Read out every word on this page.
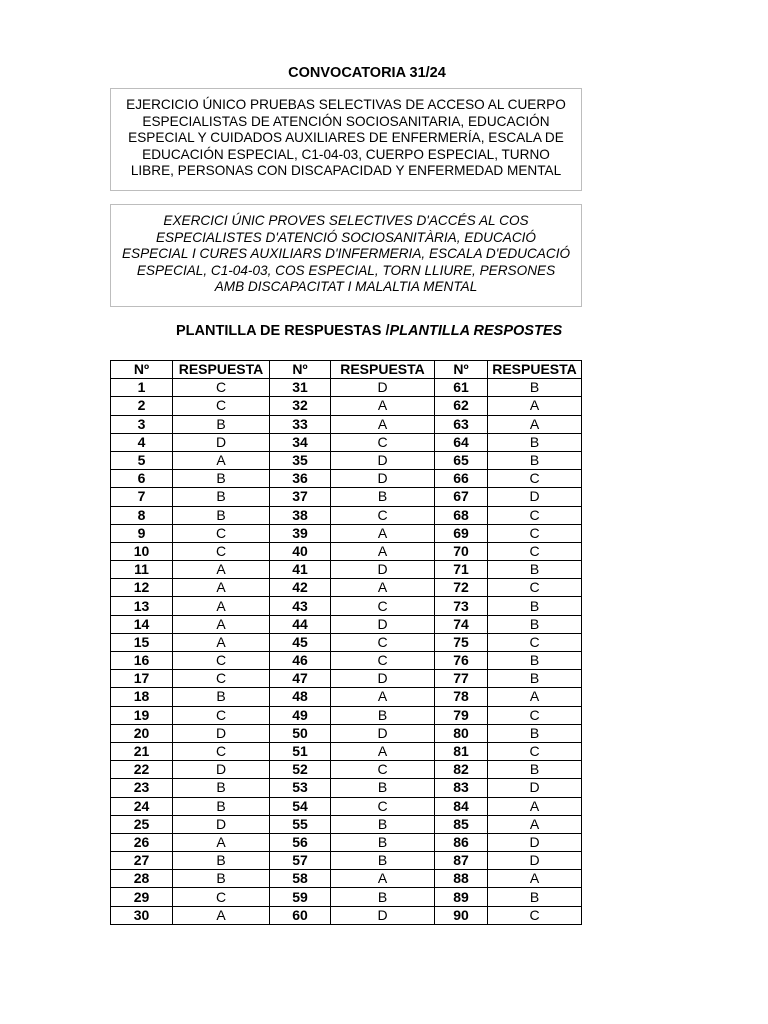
CONVOCATORIA 31/24
EJERCICIO ÚNICO PRUEBAS SELECTIVAS DE ACCESO AL CUERPO ESPECIALISTAS DE ATENCIÓN SOCIOSANITARIA, EDUCACIÓN ESPECIAL Y CUIDADOS AUXILIARES DE ENFERMERÍA, ESCALA DE EDUCACIÓN ESPECIAL, C1-04-03, CUERPO ESPECIAL, TURNO LIBRE, PERSONAS CON DISCAPACIDAD Y ENFERMEDAD MENTAL
EXERCICI ÚNIC PROVES SELECTIVES D'ACCÉS AL COS ESPECIALISTES D'ATENCIÓ SOCIOSANITÀRIA, EDUCACIÓ ESPECIAL I CURES AUXILIARS D'INFERMERIA, ESCALA D'EDUCACIÓ ESPECIAL, C1-04-03, COS ESPECIAL, TORN LLIURE, PERSONES AMB DISCAPACITAT I MALALTIA MENTAL
PLANTILLA DE RESPUESTAS /PLANTILLA RESPOSTES
Nº	RESPUESTA	Nº	RESPUESTA	Nº	RESPUESTA
1	C	31	D	61	B
2	C	32	A	62	A
3	B	33	A	63	A
4	D	34	C	64	B
5	A	35	D	65	B
6	B	36	D	66	C
7	B	37	B	67	D
8	B	38	C	68	C
9	C	39	A	69	C
10	C	40	A	70	C
11	A	41	D	71	B
12	A	42	A	72	C
13	A	43	C	73	B
14	A	44	D	74	B
15	A	45	C	75	C
16	C	46	C	76	B
17	C	47	D	77	B
18	B	48	A	78	A
19	C	49	B	79	C
20	D	50	D	80	B
21	C	51	A	81	C
22	D	52	C	82	B
23	B	53	B	83	D
24	B	54	C	84	A
25	D	55	B	85	A
26	A	56	B	86	D
27	B	57	B	87	D
28	B	58	A	88	A
29	C	59	B	89	B
30	A	60	D	90	C
